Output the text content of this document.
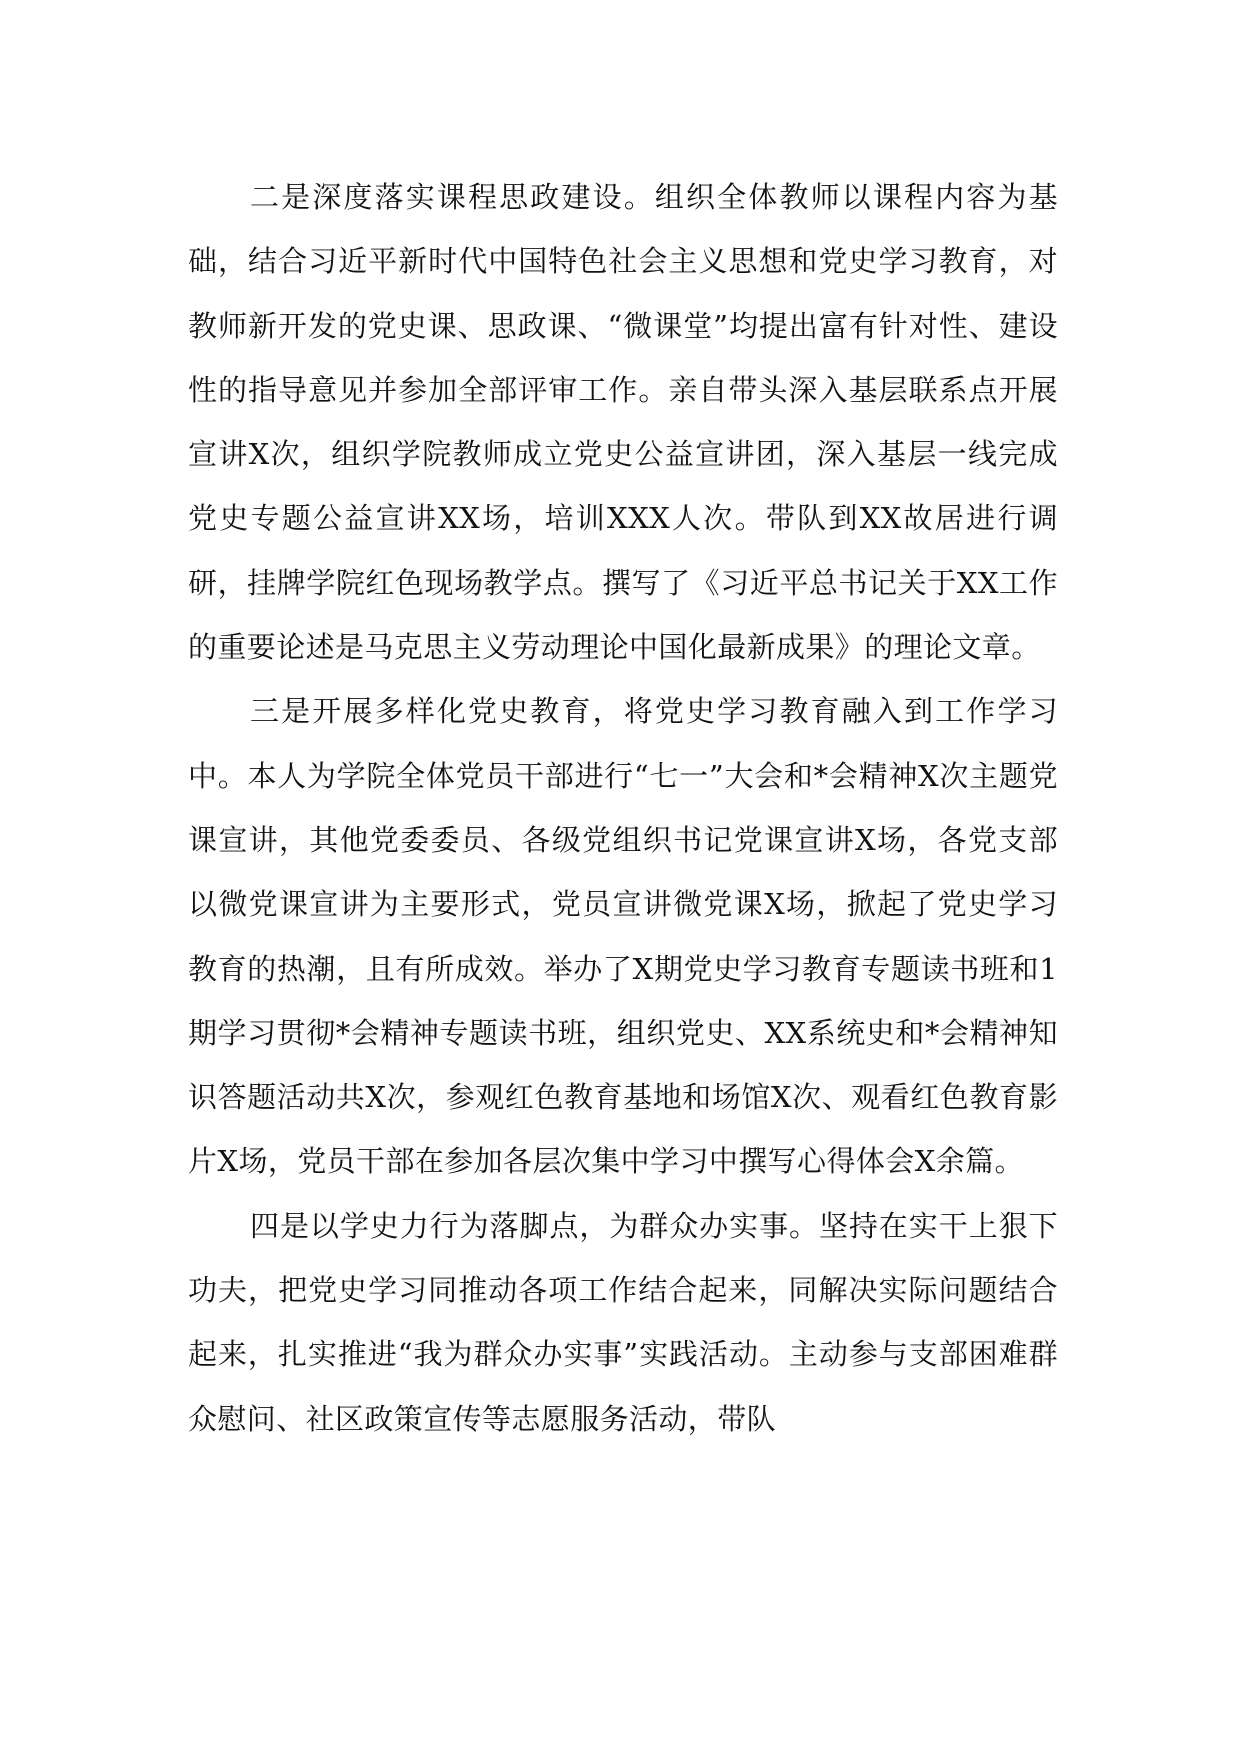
二是深度落实课程思政建设。组织全体教师以课程内容为基础，结合习近平新时代中国特色社会主义思想和党史学习教育，对教师新开发的党史课、思政课、“微课堂”均提出富有针对性、建设性的指导意见并参加全部评审工作。亲自带头深入基层联系点开展宣讲X次，组织学院教师成立党史公益宣讲团，深入基层一线完成党史专题公益宣讲XX场，培训XXX人次。带队到XX故居进行调研，挂牌学院红色现场教学点。撰写了《习近平总书记关于XX工作的重要论述是马克思主义劳动理论中国化最新成果》的理论文章。

三是开展多样化党史教育，将党史学习教育融入到工作学习中。本人为学院全体党员干部进行“七一”大会和*会精神X次主题党课宣讲，其他党委委员、各级党组织书记党课宣讲X场，各党支部以微党课宣讲为主要形式，党员宣讲微党课X场，掀起了党史学习教育的热潮，且有所成效。举办了X期党史学习教育专题读书班和1期学习贯彻*会精神专题读书班，组织党史、XX系统史和*会精神知识答题活动共X次，参观红色教育基地和场馆X次、观看红色教育影片X场，党员干部在参加各层次集中学习中撰写心得体会X余篇。

四是以学史力行为落脚点，为群众办实事。坚持在实干上狠下功夫，把党史学习同推动各项工作结合起来，同解决实际问题结合起来，扎实推进“我为群众办实事”实践活动。主动参与支部困难群众慰问、社区政策宣传等志愿服务活动，带队
